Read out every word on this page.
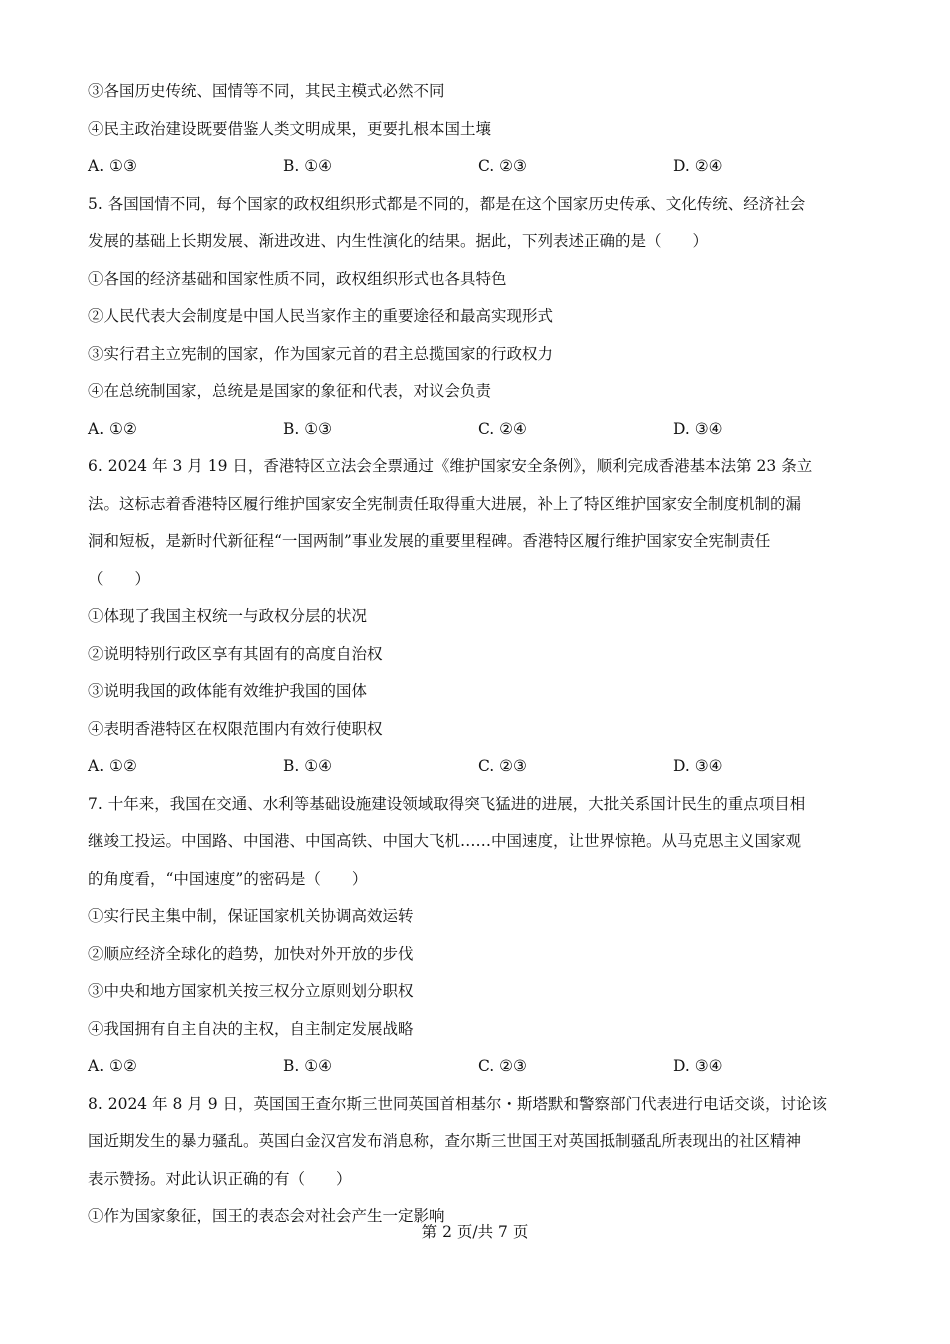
③各国历史传统、国情等不同，其民主模式必然不同
④民主政治建设既要借鉴人类文明成果，更要扎根本国土壤
A. ①③	B. ①④	C. ②③	D. ②④
5. 各国国情不同，每个国家的政权组织形式都是不同的，都是在这个国家历史传承、文化传统、经济社会
发展的基础上长期发展、渐进改进、内生性演化的结果。据此，下列表述正确的是（　　）
①各国的经济基础和国家性质不同，政权组织形式也各具特色
②人民代表大会制度是中国人民当家作主的重要途径和最高实现形式
③实行君主立宪制的国家，作为国家元首的君主总揽国家的行政权力
④在总统制国家，总统是是国家的象征和代表，对议会负责
A. ①②	B. ①③	C. ②④	D. ③④
6. 2024 年 3 月 19 日，香港特区立法会全票通过《维护国家安全条例》，顺利完成香港基本法第 23 条立
法。这标志着香港特区履行维护国家安全宪制责任取得重大进展，补上了特区维护国家安全制度机制的漏
洞和短板，是新时代新征程“一国两制”事业发展的重要里程碑。香港特区履行维护国家安全宪制责任
（　　）
①体现了我国主权统一与政权分层的状况
②说明特别行政区享有其固有的高度自治权
③说明我国的政体能有效维护我国的国体
④表明香港特区在权限范围内有效行使职权
A. ①②	B. ①④	C. ②③	D. ③④
7. 十年来，我国在交通、水利等基础设施建设领域取得突飞猛进的进展，大批关系国计民生的重点项目相
继竣工投运。中国路、中国港、中国高铁、中国大飞机……中国速度，让世界惊艳。从马克思主义国家观
的角度看，“中国速度”的密码是（　　）
①实行民主集中制，保证国家机关协调高效运转
②顺应经济全球化的趋势，加快对外开放的步伐
③中央和地方国家机关按三权分立原则划分职权
④我国拥有自主自决的主权，自主制定发展战略
A. ①②	B. ①④	C. ②③	D. ③④
8. 2024 年 8 月 9 日，英国国王查尔斯三世同英国首相基尔・斯塔默和警察部门代表进行电话交谈，讨论该
国近期发生的暴力骚乱。英国白金汉宫发布消息称，查尔斯三世国王对英国抵制骚乱所表现出的社区精神
表示赞扬。对此认识正确的有（　　）
①作为国家象征，国王的表态会对社会产生一定影响
第 2 页/共 7 页
